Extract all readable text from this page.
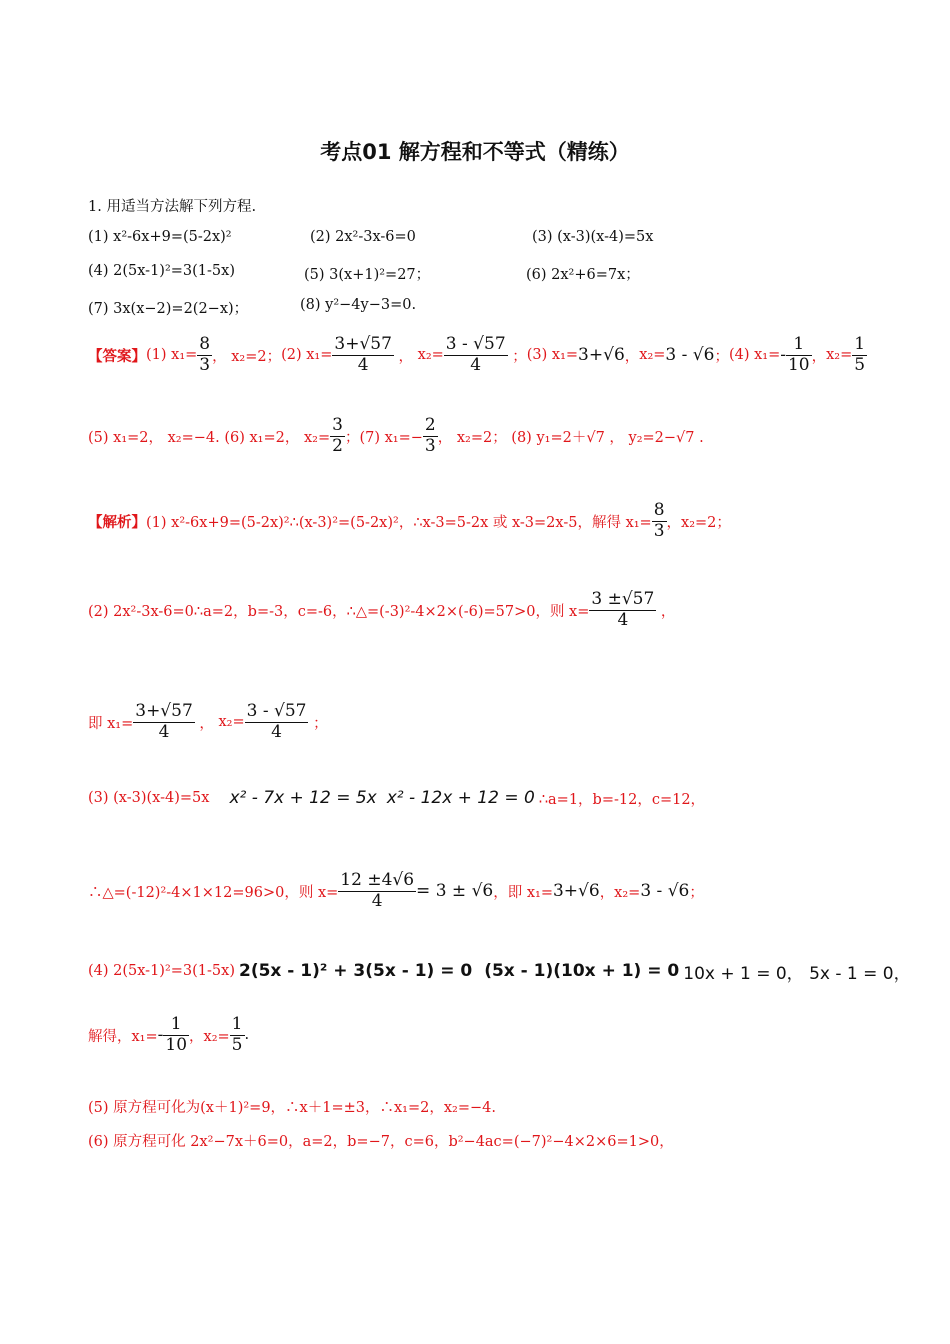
考点01 解方程和不等式（精练）
1. 用适当方法解下列方程.
(1) x²-6x+9=(5-2x)²	(2) 2x²-3x-6=0	(3) (x-3)(x-4)=5x
(4) 2(5x-1)²=3(1-5x)	(5) 3(x+1)²=27；	(6) 2x²+6=7x；
(7) 3x(x−2)=2(2−x)；	(8) y²−4y−3=0.
【答案】 (1) $x_1= \frac{8}{3}$ ， x₂=2； (2) $x_1= \frac{3+√57}{4}$ ， $x_2= \frac{3 - √57}{4}$ ； (3) x₁= 3+√6 ， x₂= 3 - √6 ； (4) $x_1= - \frac{1}{10}$ ， $x_2= \frac{1}{5}$
(5) x₁=2， x₂=−4. (6) x₁=2， $x_2= \frac{3}{2}$ ；(7) $x_1=- \frac{2}{3}$ ， x₂=2； (8) y₁=2＋√7 ， y₂=2−√7 .
【解析】 (1) x²-6x+9=(5-2x)²∴(x-3)²=(5-2x)²，∴x-3=5-2x 或 x-3=2x-5，解得 $x_1= \frac{8}{3}$ ，x₂=2；
(2) 2x²-3x-6=0∴a=2，b=-3，c=-6，∴△=(-3)²-4×2×(-6)=57>0，则 $x= \frac{3 \pm√57}{4}$ ，
即 $x_1= \frac{3+√57}{4}$ ， $x_2= \frac{3 - √57}{4}$ ；
(3) (x-3)(x-4)=5x x² - 7x + 12 = 5x x² - 12x + 12 = 0 ∴a=1，b=-12，c=12，
∴△=(-12)²-4×1×12=96>0，则 $x= \frac{12 \pm 4√6}{4} = 3 \pm √6$ ，即 x₁= 3+√6 ，x₂= 3 - √6 ；
(4) 2(5x-1)²=3(1-5x) 2(5x - 1)² + 3(5x - 1) = 0 (5x - 1)(10x + 1) = 0 10x + 1 = 0， 5x - 1 = 0，
解得，$x_1= - \frac{1}{10}$ ，$x_2= \frac{1}{5}$ .
(5) 原方程可化为(x＋1)²=9，∴x＋1=±3，∴x₁=2，x₂=−4.
(6) 原方程可化 2x²−7x＋6=0，a=2，b=−7，c=6，b²−4ac=(−7)²−4×2×6=1>0，
